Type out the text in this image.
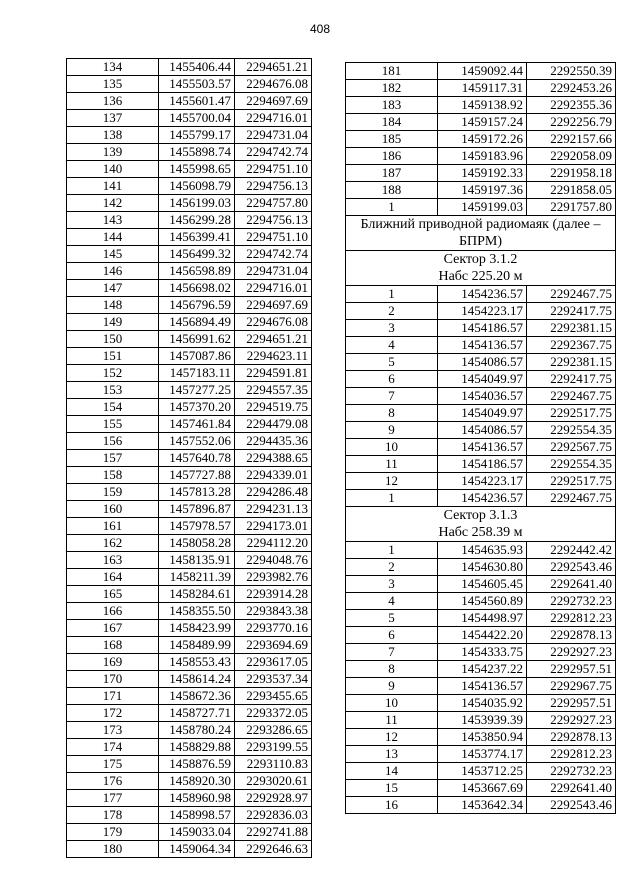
408
134	1455406.44	2294651.21
135	1455503.57	2294676.08
136	1455601.47	2294697.69
137	1455700.04	2294716.01
138	1455799.17	2294731.04
139	1455898.74	2294742.74
140	1455998.65	2294751.10
141	1456098.79	2294756.13
142	1456199.03	2294757.80
143	1456299.28	2294756.13
144	1456399.41	2294751.10
145	1456499.32	2294742.74
146	1456598.89	2294731.04
147	1456698.02	2294716.01
148	1456796.59	2294697.69
149	1456894.49	2294676.08
150	1456991.62	2294651.21
151	1457087.86	2294623.11
152	1457183.11	2294591.81
153	1457277.25	2294557.35
154	1457370.20	2294519.75
155	1457461.84	2294479.08
156	1457552.06	2294435.36
157	1457640.78	2294388.65
158	1457727.88	2294339.01
159	1457813.28	2294286.48
160	1457896.87	2294231.13
161	1457978.57	2294173.01
162	1458058.28	2294112.20
163	1458135.91	2294048.76
164	1458211.39	2293982.76
165	1458284.61	2293914.28
166	1458355.50	2293843.38
167	1458423.99	2293770.16
168	1458489.99	2293694.69
169	1458553.43	2293617.05
170	1458614.24	2293537.34
171	1458672.36	2293455.65
172	1458727.71	2293372.05
173	1458780.24	2293286.65
174	1458829.88	2293199.55
175	1458876.59	2293110.83
176	1458920.30	2293020.61
177	1458960.98	2292928.97
178	1458998.57	2292836.03
179	1459033.04	2292741.88
180	1459064.34	2292646.63
181	1459092.44	2292550.39
182	1459117.31	2292453.26
183	1459138.92	2292355.36
184	1459157.24	2292256.79
185	1459172.26	2292157.66
186	1459183.96	2292058.09
187	1459192.33	2291958.18
188	1459197.36	2291858.05
1	1459199.03	2291757.80
Ближний приводной радиомаяк (далее – БПРМ)		
Сектор 3.1.2
Набс 225.20 м		
1	1454236.57	2292467.75
2	1454223.17	2292417.75
3	1454186.57	2292381.15
4	1454136.57	2292367.75
5	1454086.57	2292381.15
6	1454049.97	2292417.75
7	1454036.57	2292467.75
8	1454049.97	2292517.75
9	1454086.57	2292554.35
10	1454136.57	2292567.75
11	1454186.57	2292554.35
12	1454223.17	2292517.75
1	1454236.57	2292467.75
Сектор 3.1.3
Набс 258.39 м		
1	1454635.93	2292442.42
2	1454630.80	2292543.46
3	1454605.45	2292641.40
4	1454560.89	2292732.23
5	1454498.97	2292812.23
6	1454422.20	2292878.13
7	1454333.75	2292927.23
8	1454237.22	2292957.51
9	1454136.57	2292967.75
10	1454035.92	2292957.51
11	1453939.39	2292927.23
12	1453850.94	2292878.13
13	1453774.17	2292812.23
14	1453712.25	2292732.23
15	1453667.69	2292641.40
16	1453642.34	2292543.46
